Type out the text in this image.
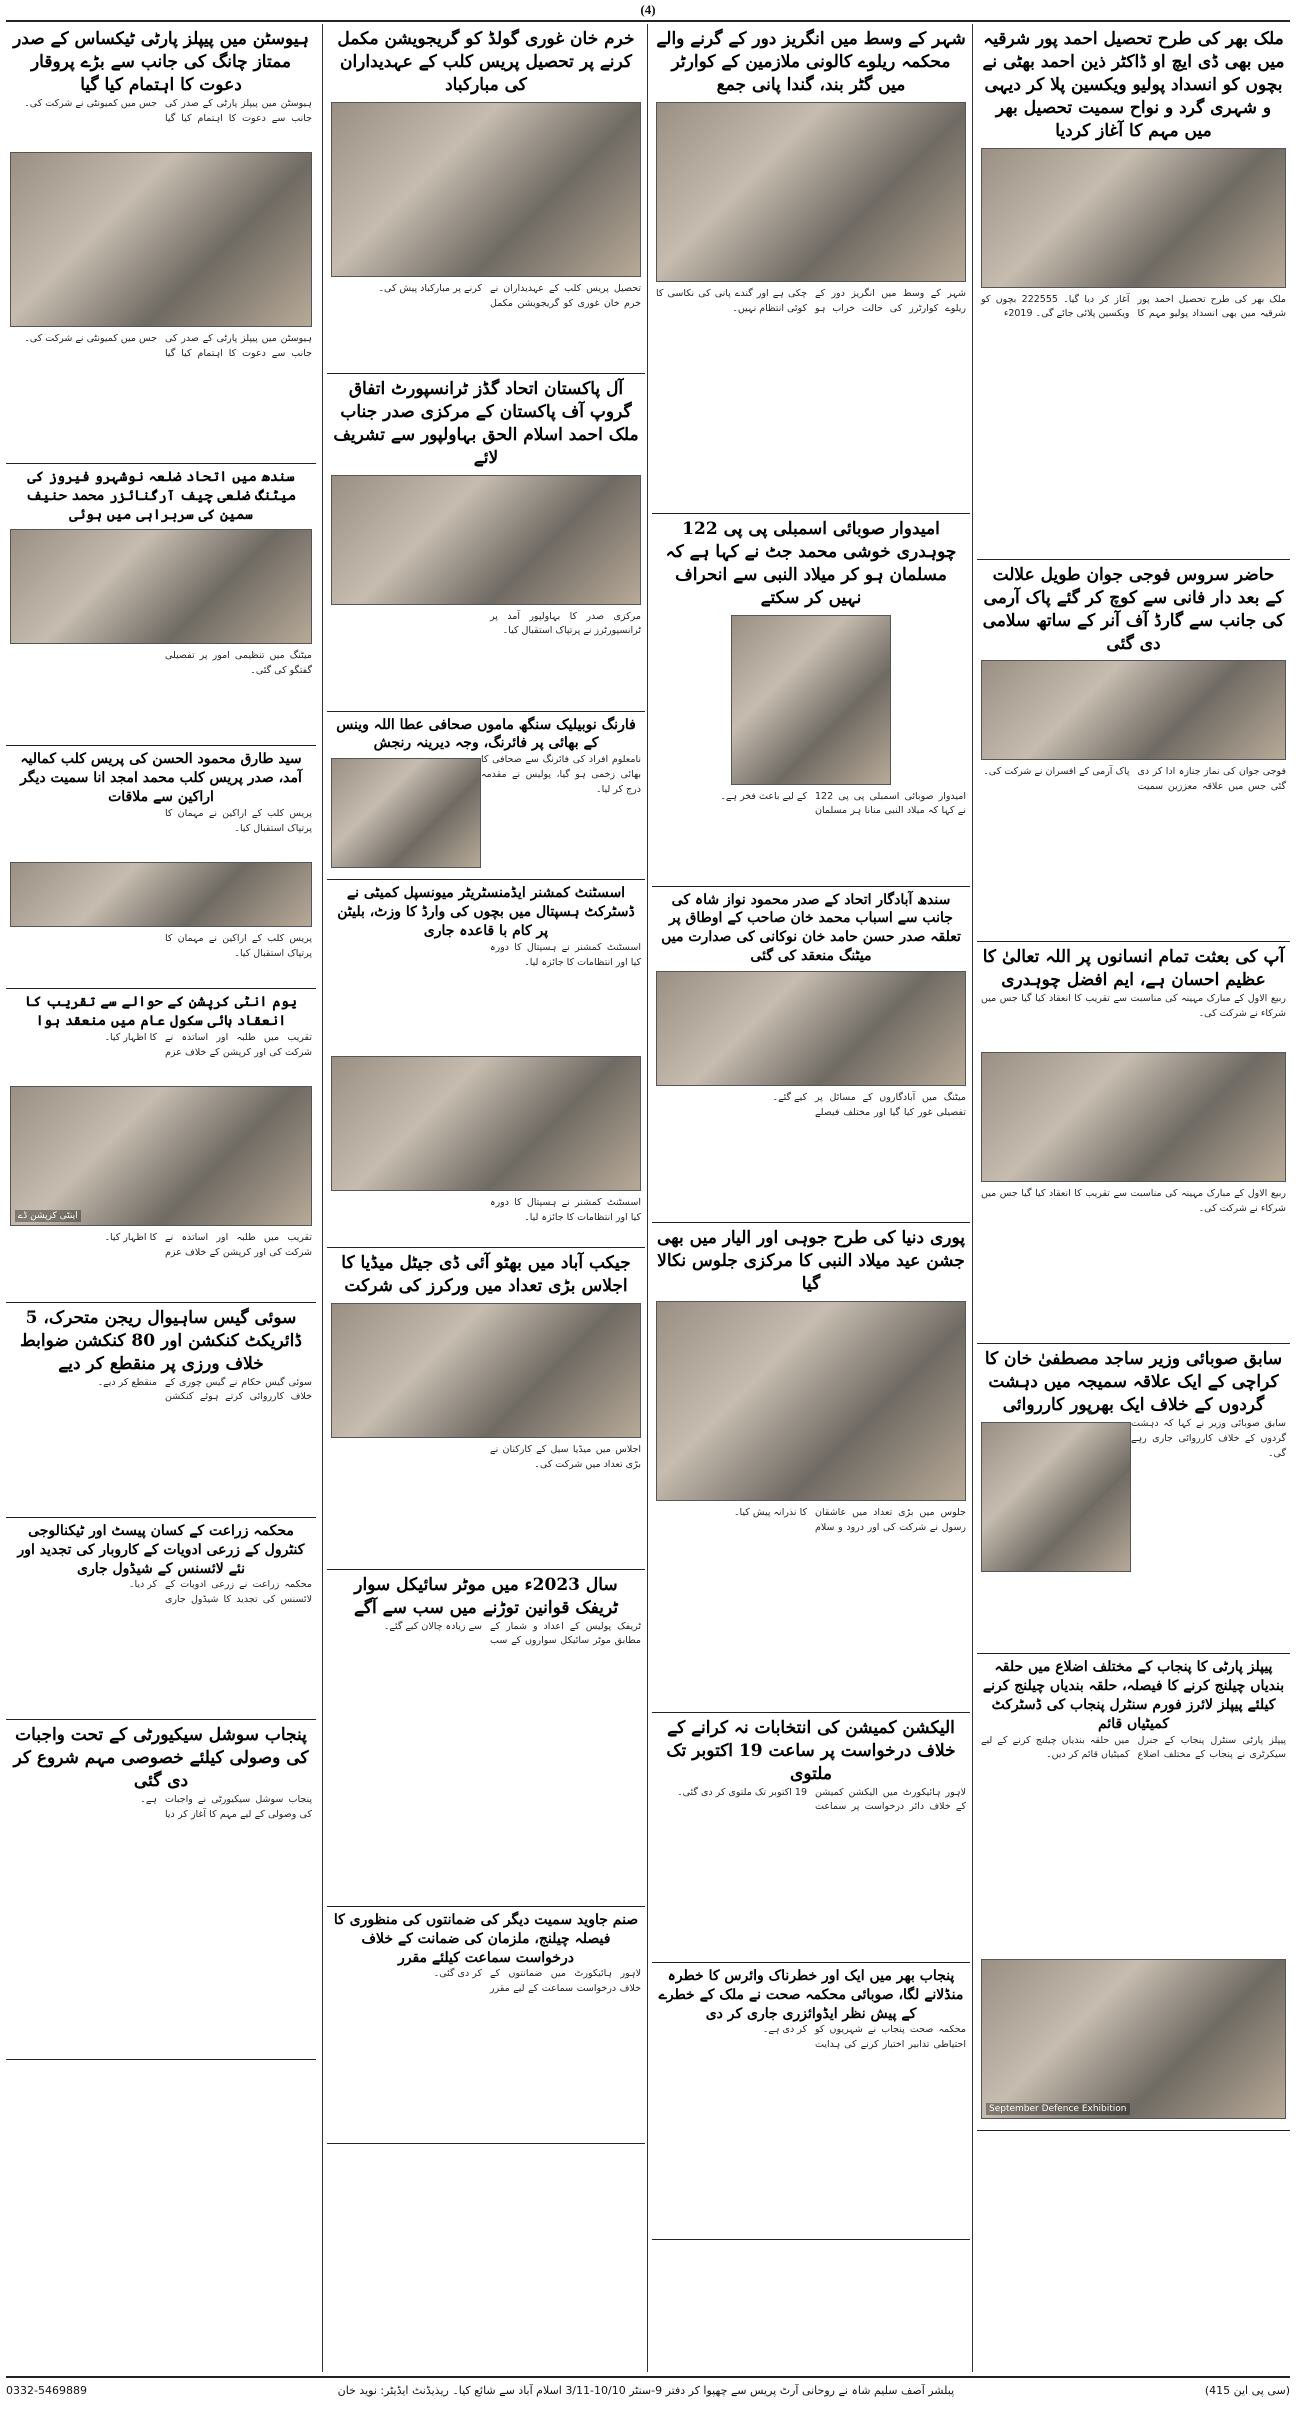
(4)
ملک بھر کی طرح تحصیل احمد پور شرقیہ میں بھی ڈی ایچ او ڈاکٹر ذین احمد بھٹی نے بچوں کو انسداد پولیو ویکسین پلا کر دیہی و شہری گرد و نواح سمیت تحصیل بھر میں مہم کا آغاز کردیا
ملک بھر کی طرح تحصیل احمد پور شرقیہ میں بھی انسداد پولیو مہم کا آغاز کر دیا گیا۔ 222555 بچوں کو ویکسین پلائی جائے گی۔ 2019ء
حاضر سروس فوجی جوان طویل علالت کے بعد دار فانی سے کوچ کر گئے پاک آرمی کی جانب سے گارڈ آف آنر کے ساتھ سلامی دی گئی
فوجی جوان کی نماز جنازہ ادا کر دی گئی جس میں علاقہ معززین سمیت پاک آرمی کے افسران نے شرکت کی۔
آپ کی بعثت تمام انسانوں پر اللہ تعالیٰ کا عظیم احسان ہے، ایم افضل چوہدری
ربیع الاول کے مبارک مہینہ کی مناسبت سے تقریب کا انعقاد کیا گیا جس میں شرکاء نے شرکت کی۔
ربیع الاول کے مبارک مہینہ کی مناسبت سے تقریب کا انعقاد کیا گیا جس میں شرکاء نے شرکت کی۔
سابق صوبائی وزیر ساجد مصطفیٰ خان کا کراچی کے ایک علاقہ سمیجہ میں دہشت گردوں کے خلاف ایک بھرپور کارروائی
سابق صوبائی وزیر نے کہا کہ دہشت گردوں کے خلاف کارروائی جاری رہے گی۔
پیپلز پارٹی کا پنجاب کے مختلف اضلاع میں حلقہ بندیاں چیلنج کرنے کا فیصلہ، حلقہ بندیاں چیلنج کرنے کیلئے پیپلز لائرز فورم سنٹرل پنجاب کی ڈسٹرکٹ کمیٹیاں قائم
پیپلز پارٹی سنٹرل پنجاب کے جنرل سیکرٹری نے پنجاب کے مختلف اضلاع میں حلقہ بندیاں چیلنج کرنے کے لیے کمیٹیاں قائم کر دیں۔
September Defence Exhibition
شہر کے وسط میں انگریز دور کے گرنے والے محکمہ ریلوے کالونی ملازمین کے کوارٹر میں گٹر بند، گندا پانی جمع
شہر کے وسط میں انگریز دور کے ریلوے کوارٹرز کی حالت خراب ہو چکی ہے اور گندے پانی کی نکاسی کا کوئی انتظام نہیں۔
امیدوار صوبائی اسمبلی پی پی 122 چوہدری خوشی محمد جٹ نے کہا ہے کہ مسلمان ہو کر میلاد النبی سے انحراف نہیں کر سکتے
امیدوار صوبائی اسمبلی پی پی 122 نے کہا کہ میلاد النبی منانا ہر مسلمان کے لیے باعث فخر ہے۔
سندھ آبادگار اتحاد کے صدر محمود نواز شاہ کی جانب سے اسباب محمد خان صاحب کے اوطاق پر تعلقہ صدر حسن حامد خان نوکانی کی صدارت میں میٹنگ منعقد کی گئی
میٹنگ میں آبادگاروں کے مسائل پر تفصیلی غور کیا گیا اور مختلف فیصلے کیے گئے۔
پوری دنیا کی طرح جوہی اور الیار میں بھی جشن عید میلاد النبی کا مرکزی جلوس نکالا گیا
جلوس میں بڑی تعداد میں عاشقان رسول نے شرکت کی اور درود و سلام کا نذرانہ پیش کیا۔
الیکشن کمیشن کی انتخابات نہ کرانے کے خلاف درخواست پر ساعت 19 اکتوبر تک ملتوی
لاہور ہائیکورٹ میں الیکشن کمیشن کے خلاف دائر درخواست پر سماعت 19 اکتوبر تک ملتوی کر دی گئی۔
پنجاب بھر میں ایک اور خطرناک وائرس کا خطرہ منڈلانے لگا، صوبائی محکمہ صحت نے ملک کے خطرے کے پیش نظر ایڈوائزری جاری کر دی
محکمہ صحت پنجاب نے شہریوں کو احتیاطی تدابیر اختیار کرنے کی ہدایت کر دی ہے۔
خرم خان غوری گولڈ کو گریجویشن مکمل کرنے پر تحصیل پریس کلب کے عہدیداران کی مبارکباد
تحصیل پریس کلب کے عہدیداران نے خرم خان غوری کو گریجویشن مکمل کرنے پر مبارکباد پیش کی۔
آل پاکستان اتحاد گڈز ٹرانسپورٹ اتفاق گروپ آف پاکستان کے مرکزی صدر جناب ملک احمد اسلام الحق بہاولپور سے تشریف لائے
مرکزی صدر کا بہاولپور آمد پر ٹرانسپورٹرز نے پرتپاک استقبال کیا۔
فارنگ نوبیلیک سنگھ ماموں صحافی عطا اللہ وینس کے بھائی پر فائرنگ، وجہ دیرینہ رنجش
نامعلوم افراد کی فائرنگ سے صحافی کا بھائی زخمی ہو گیا، پولیس نے مقدمہ درج کر لیا۔
اسسٹنٹ کمشنر ایڈمنسٹریٹر میونسپل کمیٹی نے ڈسٹرکٹ ہسپتال میں بچوں کی وارڈ کا وزٹ، بلیٹن پر کام با قاعدہ جاری
اسسٹنٹ کمشنر نے ہسپتال کا دورہ کیا اور انتظامات کا جائزہ لیا۔
اسسٹنٹ کمشنر نے ہسپتال کا دورہ کیا اور انتظامات کا جائزہ لیا۔
جیکب آباد میں بھٹو آئی ڈی جیٹل میڈیا کا اجلاس بڑی تعداد میں ورکرز کی شرکت
اجلاس میں میڈیا سیل کے کارکنان نے بڑی تعداد میں شرکت کی۔
سال 2023ء میں موٹر سائیکل سوار ٹریفک قوانین توڑنے میں سب سے آگے
ٹریفک پولیس کے اعداد و شمار کے مطابق موٹر سائیکل سواروں کے سب سے زیادہ چالان کیے گئے۔
صنم جاوید سمیت دیگر کی ضمانتوں کی منظوری کا فیصلہ چیلنج، ملزمان کی ضمانت کے خلاف درخواست سماعت کیلئے مقرر
لاہور ہائیکورٹ میں ضمانتوں کے خلاف درخواست سماعت کے لیے مقرر کر دی گئی۔
ہیوسٹن میں پیپلز پارٹی ٹیکساس کے صدر ممتاز چانگ کی جانب سے بڑے پروقار دعوت کا اہتمام کیا گیا
ہیوسٹن میں پیپلز پارٹی کے صدر کی جانب سے دعوت کا اہتمام کیا گیا جس میں کمیونٹی نے شرکت کی۔
ہیوسٹن میں پیپلز پارٹی کے صدر کی جانب سے دعوت کا اہتمام کیا گیا جس میں کمیونٹی نے شرکت کی۔
سندھ میں اتحاد ضلعہ نوشہرو فیروز کی میٹنگ ضلعی چیف آرگنائزر محمد حنیف سمین کی سربراہی میں ہوئی
میٹنگ میں تنظیمی امور پر تفصیلی گفتگو کی گئی۔
سید طارق محمود الحسن کی پریس کلب کمالیہ آمد، صدر پریس کلب محمد امجد انا سمیت دیگر اراکین سے ملاقات
پریس کلب کے اراکین نے مہمان کا پرتپاک استقبال کیا۔
پریس کلب کے اراکین نے مہمان کا پرتپاک استقبال کیا۔
یوم انٹی کرپشن کے حوالے سے تقریب کا انعقاد ہائی سکول عام میں منعقد ہوا
تقریب میں طلبہ اور اساتذہ نے شرکت کی اور کرپشن کے خلاف عزم کا اظہار کیا۔
اینٹی کرپشن ڈے
تقریب میں طلبہ اور اساتذہ نے شرکت کی اور کرپشن کے خلاف عزم کا اظہار کیا۔
سوئی گیس ساہیوال ریجن متحرک، 5 ڈائریکٹ کنکشن اور 80 کنکشن ضوابط خلاف ورزی پر منقطع کر دیے
سوئی گیس حکام نے گیس چوری کے خلاف کارروائی کرتے ہوئے کنکشن منقطع کر دیے۔
محکمہ زراعت کے کسان پیسٹ اور ٹیکنالوجی کنٹرول کے زرعی ادویات کے کاروبار کی تجدید اور نئے لائسنس کے شیڈول جاری
محکمہ زراعت نے زرعی ادویات کے لائسنس کی تجدید کا شیڈول جاری کر دیا۔
پنجاب سوشل سیکیورٹی کے تحت واجبات کی وصولی کیلئے خصوصی مہم شروع کر دی گئی
پنجاب سوشل سیکیورٹی نے واجبات کی وصولی کے لیے مہم کا آغاز کر دیا ہے۔
(سی پی این 415)
پبلشر آصف سلیم شاہ نے روحانی آرٹ پریس سے چھپوا کر دفتر 9-سنٹر 10/10-3/11 اسلام آباد سے شائع کیا۔ ریذیڈنٹ ایڈیٹر: نوید خان
0332-5469889
